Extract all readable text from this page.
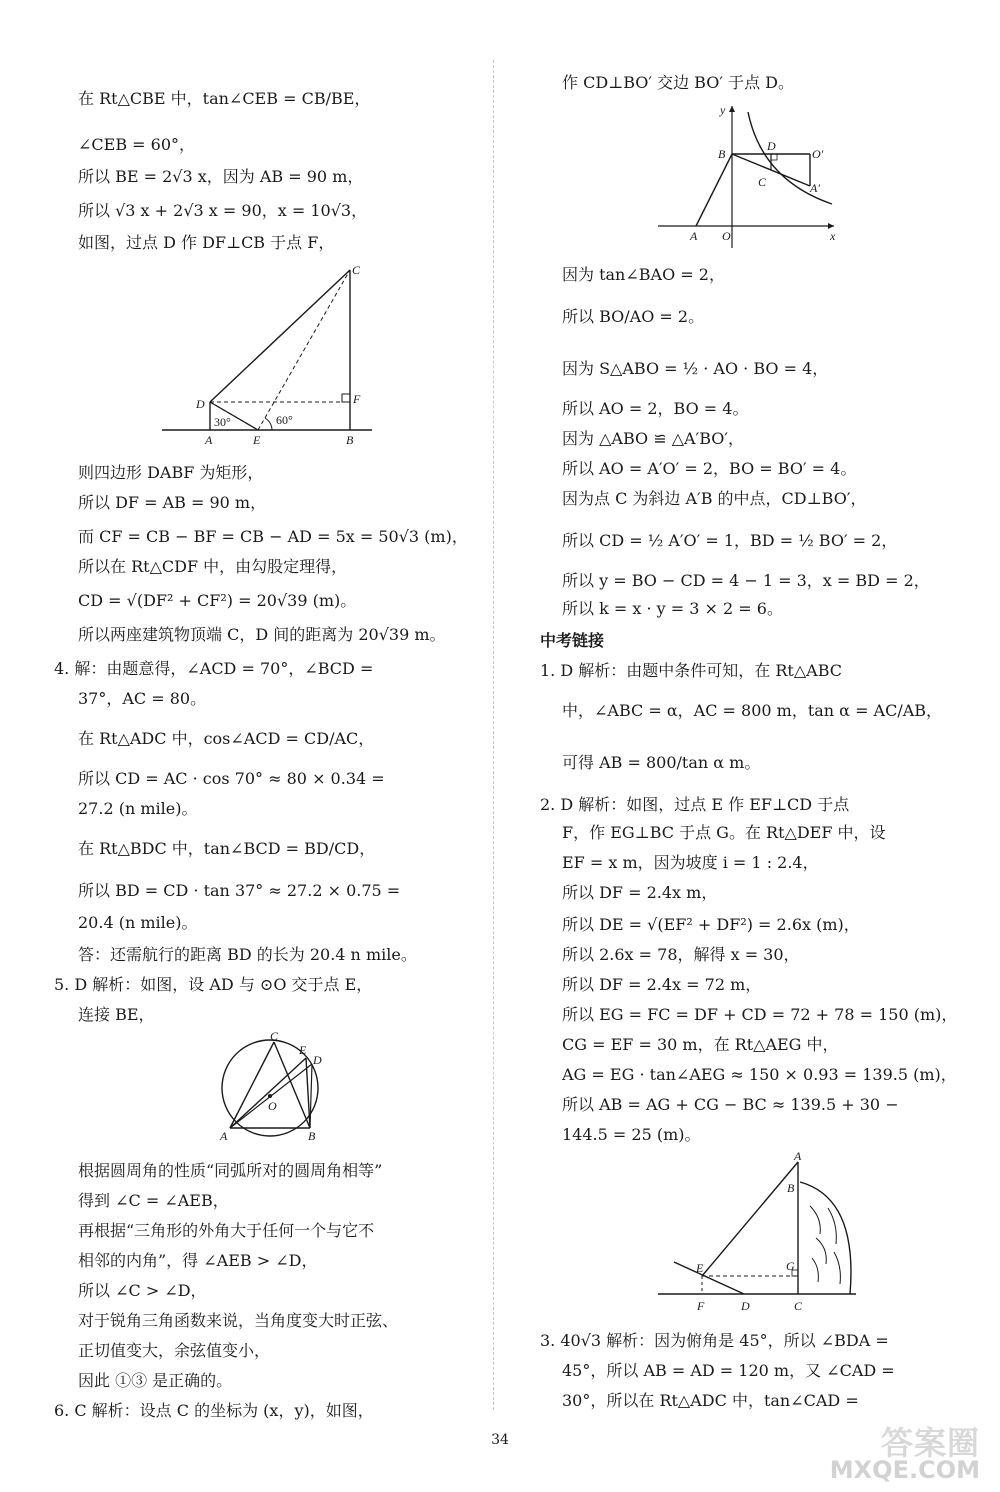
在 Rt△CBE 中，tan∠CEB = CB/BE，
∠CEB = 60°，
所以 BE = 2√3 x，因为 AB = 90 m，
所以 √3 x + 2√3 x = 90，x = 10√3，
如图，过点 D 作 DF⊥CB 于点 F，
则四边形 DABF 为矩形，
所以 DF = AB = 90 m，
而 CF = CB − BF = CB − AD = 5x = 50√3 (m)，
所以在 Rt△CDF 中，由勾股定理得，
CD = √(DF² + CF²) = 20√39 (m)。
所以两座建筑物顶端 C，D 间的距离为 20√39 m。
4. 解：由题意得，∠ACD = 70°，∠BCD =
37°，AC = 80。
在 Rt△ADC 中，cos∠ACD = CD/AC，
所以 CD = AC · cos 70° ≈ 80 × 0.34 =
27.2 (n mile)。
在 Rt△BDC 中，tan∠BCD = BD/CD，
所以 BD = CD · tan 37° ≈ 27.2 × 0.75 =
20.4 (n mile)。
答：还需航行的距离 BD 的长为 20.4 n mile。
5. D 解析：如图，设 AD 与 ⊙O 交于点 E，
连接 BE，
根据圆周角的性质“同弧所对的圆周角相等”
得到 ∠C = ∠AEB，
再根据“三角形的外角大于任何一个与它不
相邻的内角”，得 ∠AEB > ∠D，
所以 ∠C > ∠D，
对于锐角三角函数来说，当角度变大时正弦、
正切值变大，余弦值变小，
因此 ①③ 是正确的。
6. C 解析：设点 C 的坐标为 (x，y)，如图，
作 CD⊥BO′ 交边 BO′ 于点 D。
因为 tan∠BAO = 2，
所以 BO/AO = 2。
因为 S△ABO = ½ · AO · BO = 4，
所以 AO = 2，BO = 4。
因为 △ABO ≌ △A′BO′，
所以 AO = A′O′ = 2，BO = BO′ = 4。
因为点 C 为斜边 A′B 的中点，CD⊥BO′，
所以 CD = ½ A′O′ = 1，BD = ½ BO′ = 2，
所以 y = BO − CD = 4 − 1 = 3，x = BD = 2，
所以 k = x · y = 3 × 2 = 6。
中考链接
1. D 解析：由题中条件可知，在 Rt△ABC
中，∠ABC = α，AC = 800 m，tan α = AC/AB，
可得 AB = 800/tan α m。
2. D 解析：如图，过点 E 作 EF⊥CD 于点
F，作 EG⊥BC 于点 G。在 Rt△DEF 中，设
EF = x m，因为坡度 i = 1 : 2.4，
所以 DF = 2.4x m，
所以 DE = √(EF² + DF²) = 2.6x (m)，
所以 2.6x = 78，解得 x = 30，
所以 DF = 2.4x = 72 m，
所以 EG = FC = DF + CD = 72 + 78 = 150 (m)，
CG = EF = 30 m，在 Rt△AEG 中，
AG = EG · tan∠AEG ≈ 150 × 0.93 = 139.5 (m)，
所以 AB = AG + CG − BC ≈ 139.5 + 30 −
144.5 = 25 (m)。
3. 40√3 解析：因为俯角是 45°，所以 ∠BDA =
45°，所以 AB = AD = 120 m，又 ∠CAD =
30°，所以在 Rt△ADC 中，tan∠CAD =
C
D	F
A	E	B
30°	60°
C
E
D
O
A	B
y
x
B
D
O′
C	A′
A O
A
B
E	G
F	D	C
34	答案圈
MXQE.COM
